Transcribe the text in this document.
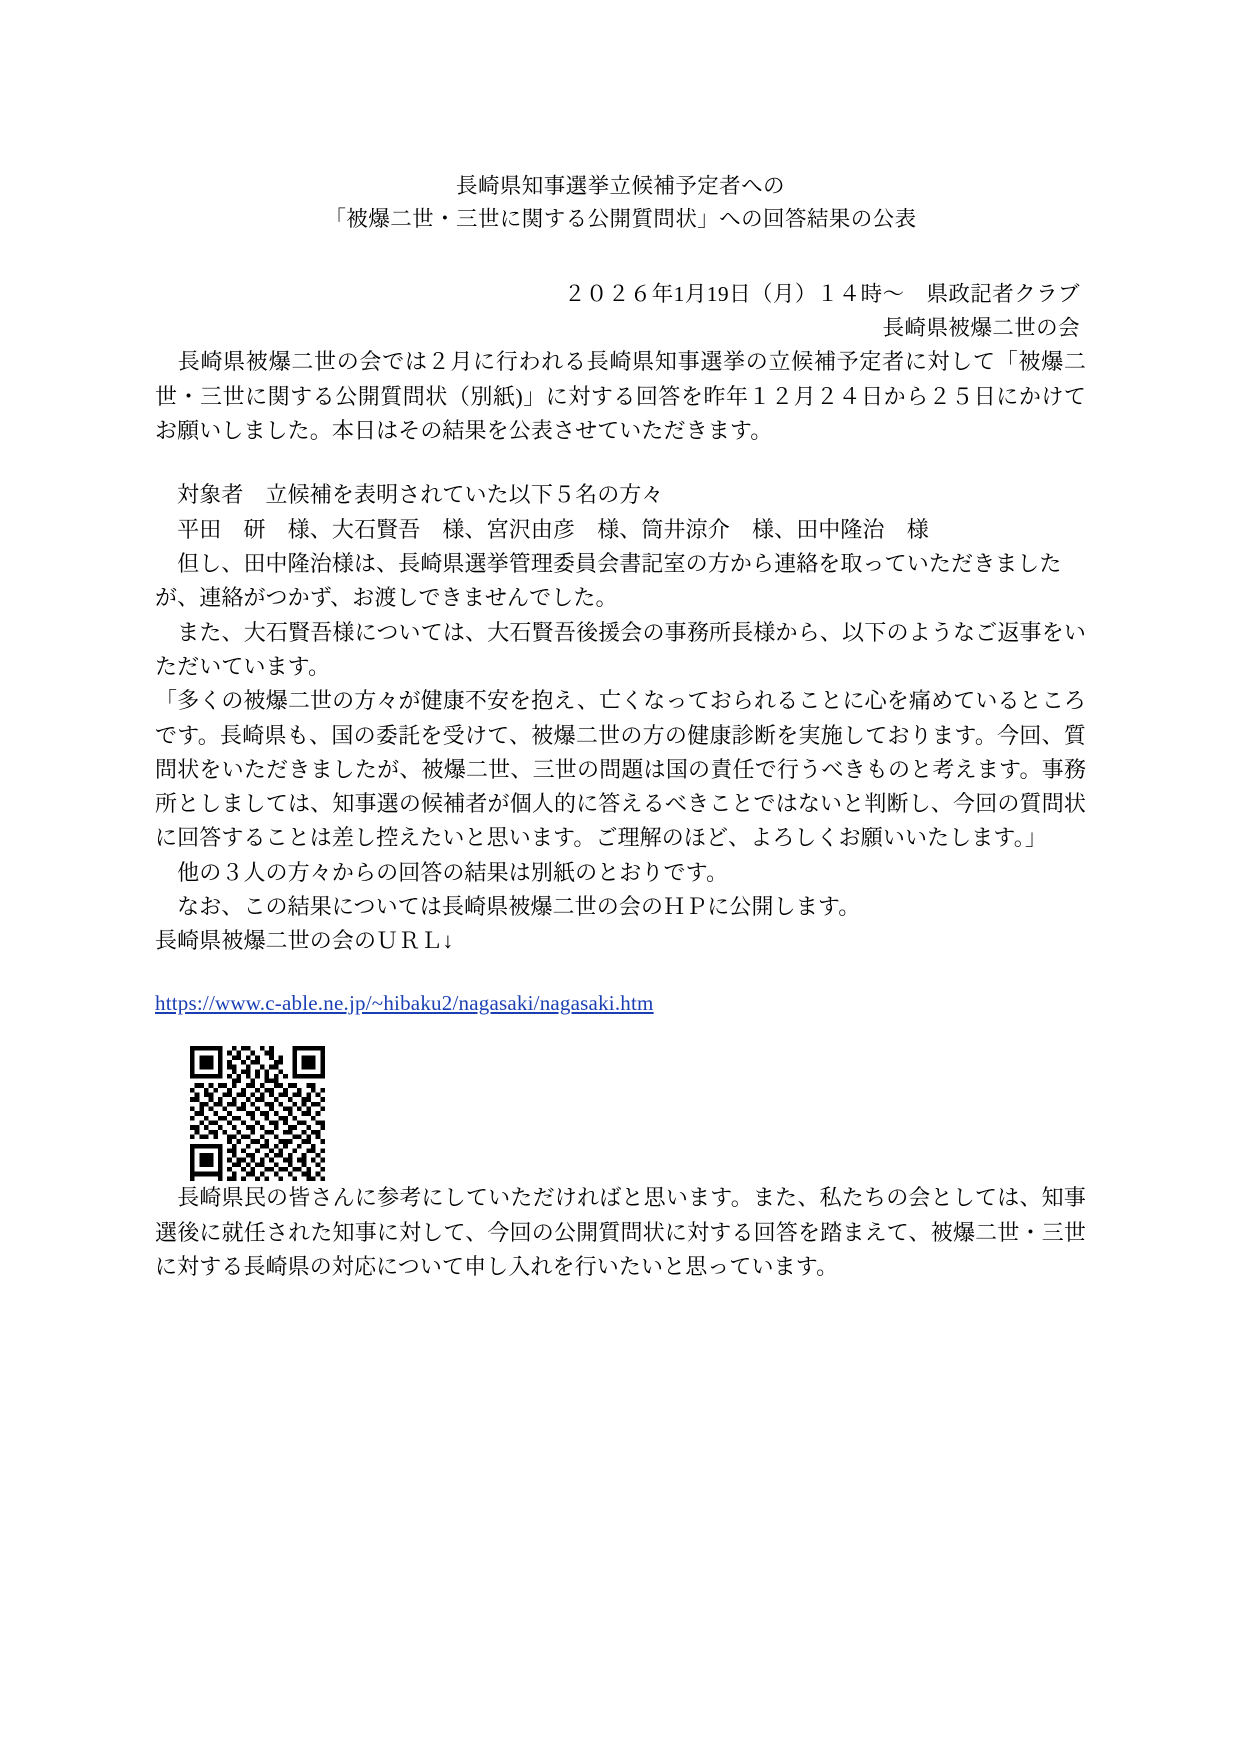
長崎県知事選挙立候補予定者への
「被爆二世・三世に関する公開質問状」への回答結果の公表
２０２６年1月19日（月）１４時～　県政記者クラブ
長崎県被爆二世の会

　長崎県被爆二世の会では２月に行われる長崎県知事選挙の立候補予定者に対して「被爆二世・三世に関する公開質問状（別紙)」に対する回答を昨年１２月２４日から２５日にかけてお願いしました。本日はその結果を公表させていただきます。

　対象者　立候補を表明されていた以下５名の方々
　平田　研　様、大石賢吾　様、宮沢由彦　様、筒井涼介　様、田中隆治　様
　但し、田中隆治様は、長崎県選挙管理委員会書記室の方から連絡を取っていただきましたが、連絡がつかず、お渡しできませんでした。

　また、大石賢吾様については、大石賢吾後援会の事務所長様から、以下のようなご返事をいただいています。

「多くの被爆二世の方々が健康不安を抱え、亡くなっておられることに心を痛めているところです。長崎県も、国の委託を受けて、被爆二世の方の健康診断を実施しております。今回、質問状をいただきましたが、被爆二世、三世の問題は国の責任で行うべきものと考えます。事務所としましては、知事選の候補者が個人的に答えるべきことではないと判断し、今回の質問状に回答することは差し控えたいと思います。ご理解のほど、よろしくお願いいたします。」

　他の３人の方々からの回答の結果は別紙のとおりです。

　なお、この結果については長崎県被爆二世の会のＨＰに公開します。

長崎県被爆二世の会のＵＲＬ↓

https://www.c-able.ne.jp/~hibaku2/nagasaki/nagasaki.htm

　長崎県民の皆さんに参考にしていただければと思います。また、私たちの会としては、知事選後に就任された知事に対して、今回の公開質問状に対する回答を踏まえて、被爆二世・三世に対する長崎県の対応について申し入れを行いたいと思っています。
